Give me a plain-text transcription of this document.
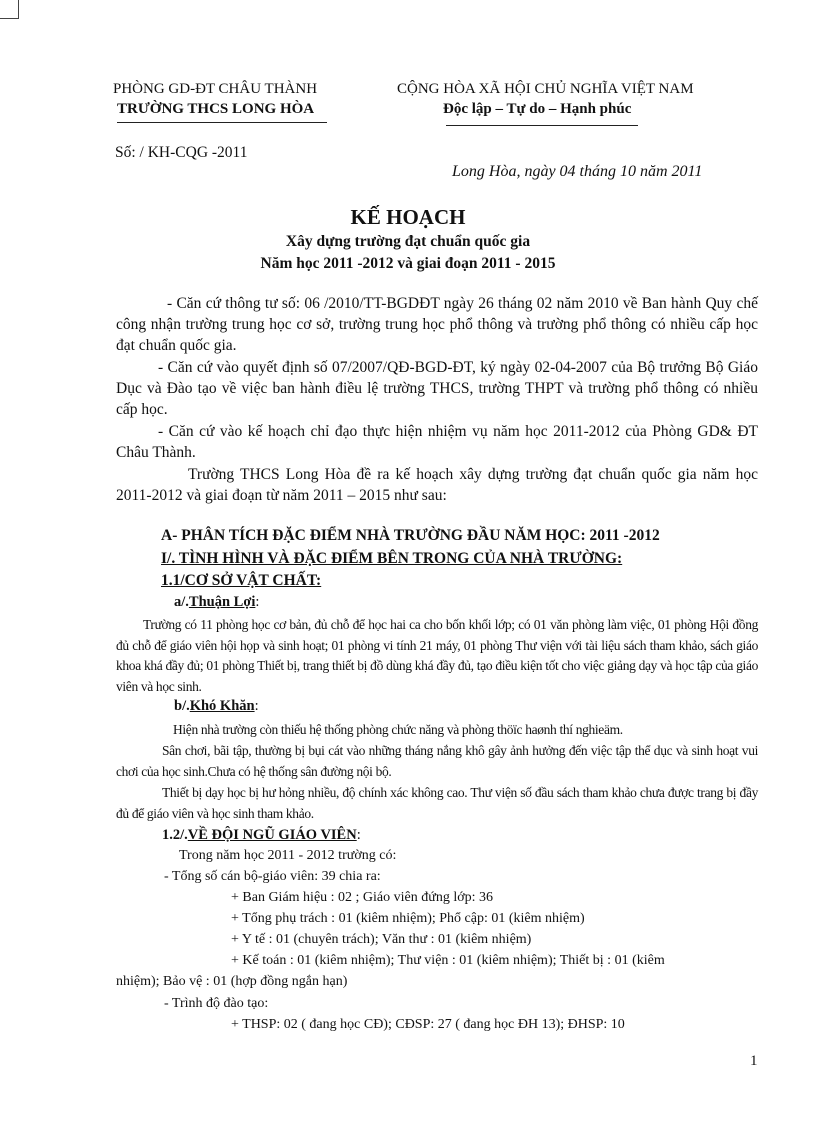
PHÒNG GD-ĐT CHÂU THÀNH
TRƯỜNG THCS LONG HÒA
CỘNG HÒA XÃ HỘI CHỦ NGHĨA VIỆT NAM
Độc lập – Tự do – Hạnh phúc
Số: / KH-CQG -2011
Long Hòa, ngày 04 tháng 10 năm 2011
KẾ HOẠCH
Xây dựng trường đạt chuẩn quốc gia
Năm học 2011 -2012 và giai đoạn 2011 - 2015
- Căn cứ thông tư số: 06 /2010/TT-BGDĐT ngày 26 tháng 02 năm 2010 về Ban hành Quy chế công nhận trường trung học cơ sở, trường trung học phổ thông và trường phổ thông có nhiều cấp học đạt chuẩn quốc gia.
- Căn cứ vào quyết định số 07/2007/QĐ-BGD-ĐT, ký ngày 02-04-2007 của Bộ trưởng Bộ Giáo Dục và Đào tạo về việc ban hành điều lệ trường THCS, trường THPT và trường phổ thông có nhiều cấp học.
- Căn cứ vào kế hoạch chỉ đạo thực hiện nhiệm vụ năm học 2011-2012 của Phòng GD& ĐT Châu Thành.
Trường THCS Long Hòa đề ra kế hoạch xây dựng trường đạt chuẩn quốc gia năm học 2011-2012 và giai đoạn từ năm 2011 – 2015 như sau:
A- PHÂN TÍCH ĐẶC ĐIỂM NHÀ TRƯỜNG ĐẦU NĂM HỌC: 2011 -2012
I/. TÌNH HÌNH VÀ ĐẶC ĐIỂM BÊN TRONG CỦA NHÀ TRƯỜNG:
1.1/CƠ SỞ VẬT CHẤT:
a/.Thuận Lợi:
Trường có 11 phòng học cơ bản, đủ chỗ để học hai ca cho bốn khối lớp; có 01 văn phòng làm việc, 01 phòng Hội đồng đủ chỗ để giáo viên hội họp và sinh hoạt; 01 phòng vi tính 21 máy, 01 phòng Thư viện với tài liệu sách tham khảo, sách giáo khoa khá đầy đủ; 01 phòng Thiết bị, trang thiết bị đồ dùng khá đầy đủ, tạo điều kiện tốt cho việc giảng dạy và học tập của giáo viên và học sinh.
b/.Khó Khăn:
Hiện nhà trường còn thiếu hệ thống phòng chức năng và phòng thöïc haønh thí nghieäm.
Sân chơi, bãi tập, thường bị bụi cát vào những tháng nắng khô gây ảnh hưởng đến việc tập thể dục và sinh hoạt vui chơi của học sinh.Chưa có hệ thống sân đường nội bộ.
Thiết bị dạy học bị hư hỏng nhiều, độ chính xác không cao. Thư viện số đầu sách tham khảo chưa được trang bị đầy đủ để giáo viên và học sinh tham khảo.
1.2/.VỀ ĐỘI NGŨ GIÁO VIÊN:
Trong năm học 2011 - 2012 trường có:
- Tổng số cán bộ-giáo viên: 39 chia ra:
+ Ban Giám hiệu : 02 ; Giáo viên đứng lớp: 36
+ Tổng phụ trách : 01 (kiêm nhiệm); Phổ cập: 01 (kiêm nhiệm)
+ Y tế : 01 (chuyên trách); Văn thư : 01 (kiêm nhiệm)
+ Kế toán : 01 (kiêm nhiệm); Thư viện : 01 (kiêm nhiệm); Thiết bị : 01 (kiêm
nhiệm); Bảo vệ : 01 (hợp đồng ngắn hạn)
- Trình độ đào tạo:
+ THSP: 02 ( đang học CĐ); CĐSP: 27 ( đang học ĐH 13); ĐHSP: 10
1
